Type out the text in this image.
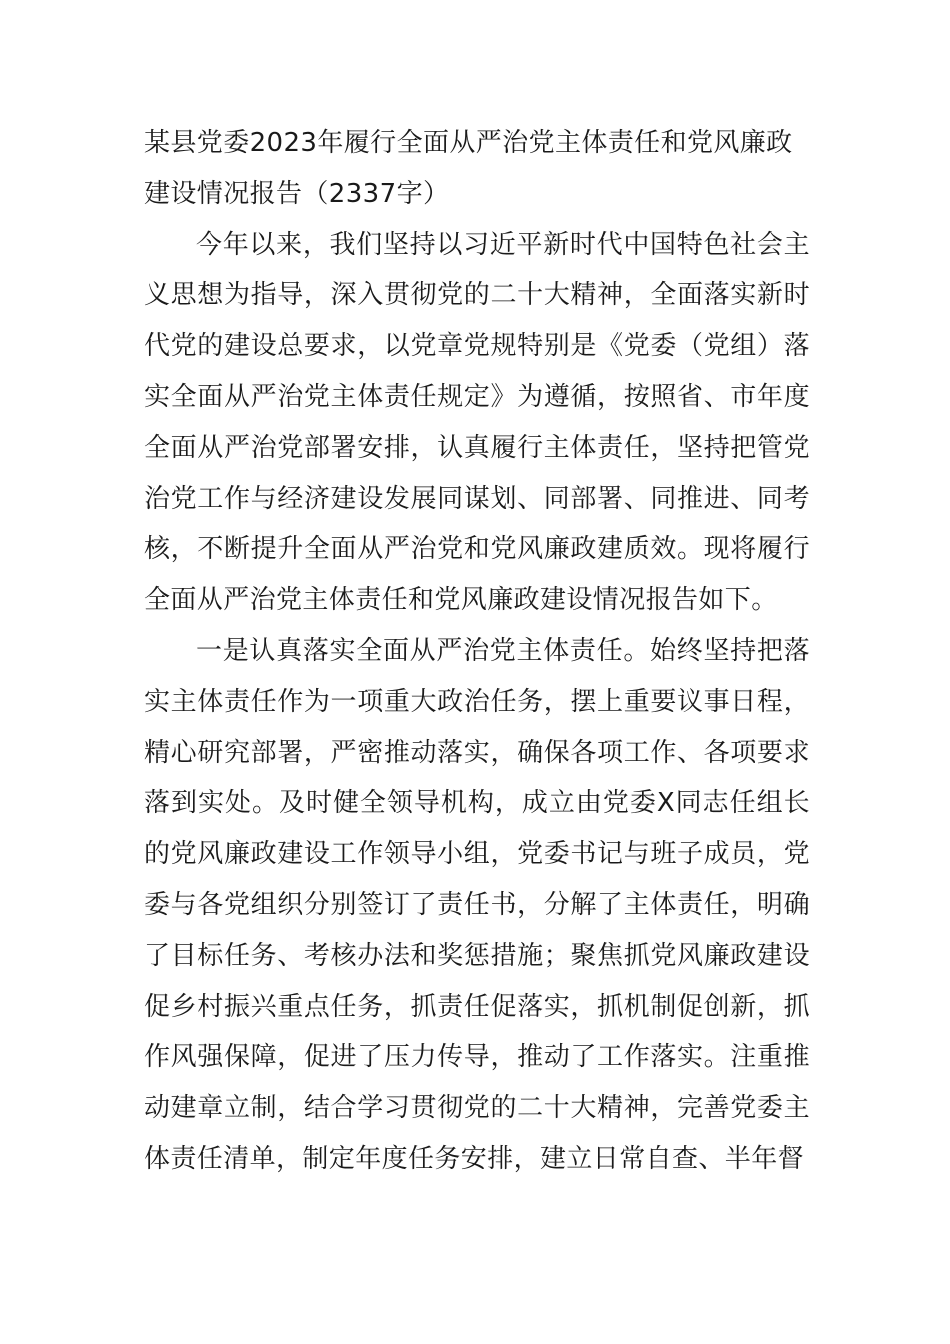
某县党委2023年履行全面从严治党主体责任和党风廉政建设情况报告（2337字）

今年以来，我们坚持以习近平新时代中国特色社会主义思想为指导，深入贯彻党的二十大精神，全面落实新时代党的建设总要求，以党章党规特别是《党委（党组）落实全面从严治党主体责任规定》为遵循，按照省、市年度全面从严治党部署安排，认真履行主体责任，坚持把管党治党工作与经济建设发展同谋划、同部署、同推进、同考核，不断提升全面从严治党和党风廉政建质效。现将履行全面从严治党主体责任和党风廉政建设情况报告如下。

一是认真落实全面从严治党主体责任。始终坚持把落实主体责任作为一项重大政治任务，摆上重要议事日程，精心研究部署，严密推动落实，确保各项工作、各项要求落到实处。及时健全领导机构，成立由党委X同志任组长的党风廉政建设工作领导小组，党委书记与班子成员，党委与各党组织分别签订了责任书，分解了主体责任，明确了目标任务、考核办法和奖惩措施；聚焦抓党风廉政建设促乡村振兴重点任务，抓责任促落实，抓机制促创新，抓作风强保障，促进了压力传导，推动了工作落实。注重推动建章立制，结合学习贯彻党的二十大精神，完善党委主体责任清单，制定年度任务安排，建立日常自查、半年督
